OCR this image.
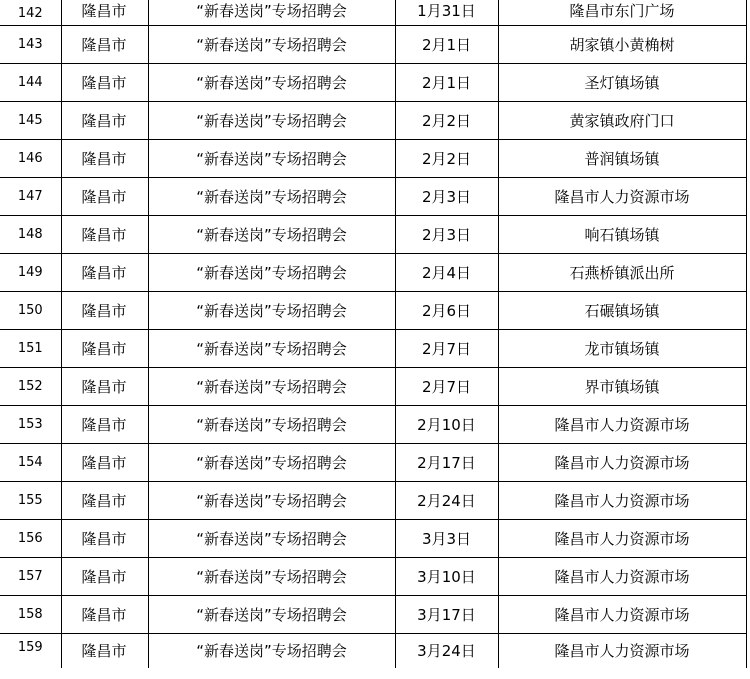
142	隆昌市	“新春送岗”专场招聘会	1月31日	隆昌市东门广场
143	隆昌市	“新春送岗”专场招聘会	2月1日	胡家镇小黄桷树
144	隆昌市	“新春送岗”专场招聘会	2月1日	圣灯镇场镇
145	隆昌市	“新春送岗”专场招聘会	2月2日	黄家镇政府门口
146	隆昌市	“新春送岗”专场招聘会	2月2日	普润镇场镇
147	隆昌市	“新春送岗”专场招聘会	2月3日	隆昌市人力资源市场
148	隆昌市	“新春送岗”专场招聘会	2月3日	响石镇场镇
149	隆昌市	“新春送岗”专场招聘会	2月4日	石燕桥镇派出所
150	隆昌市	“新春送岗”专场招聘会	2月6日	石碾镇场镇
151	隆昌市	“新春送岗”专场招聘会	2月7日	龙市镇场镇
152	隆昌市	“新春送岗”专场招聘会	2月7日	界市镇场镇
153	隆昌市	“新春送岗”专场招聘会	2月10日	隆昌市人力资源市场
154	隆昌市	“新春送岗”专场招聘会	2月17日	隆昌市人力资源市场
155	隆昌市	“新春送岗”专场招聘会	2月24日	隆昌市人力资源市场
156	隆昌市	“新春送岗”专场招聘会	3月3日	隆昌市人力资源市场
157	隆昌市	“新春送岗”专场招聘会	3月10日	隆昌市人力资源市场
158	隆昌市	“新春送岗”专场招聘会	3月17日	隆昌市人力资源市场
159	隆昌市	“新春送岗”专场招聘会	3月24日	隆昌市人力资源市场
